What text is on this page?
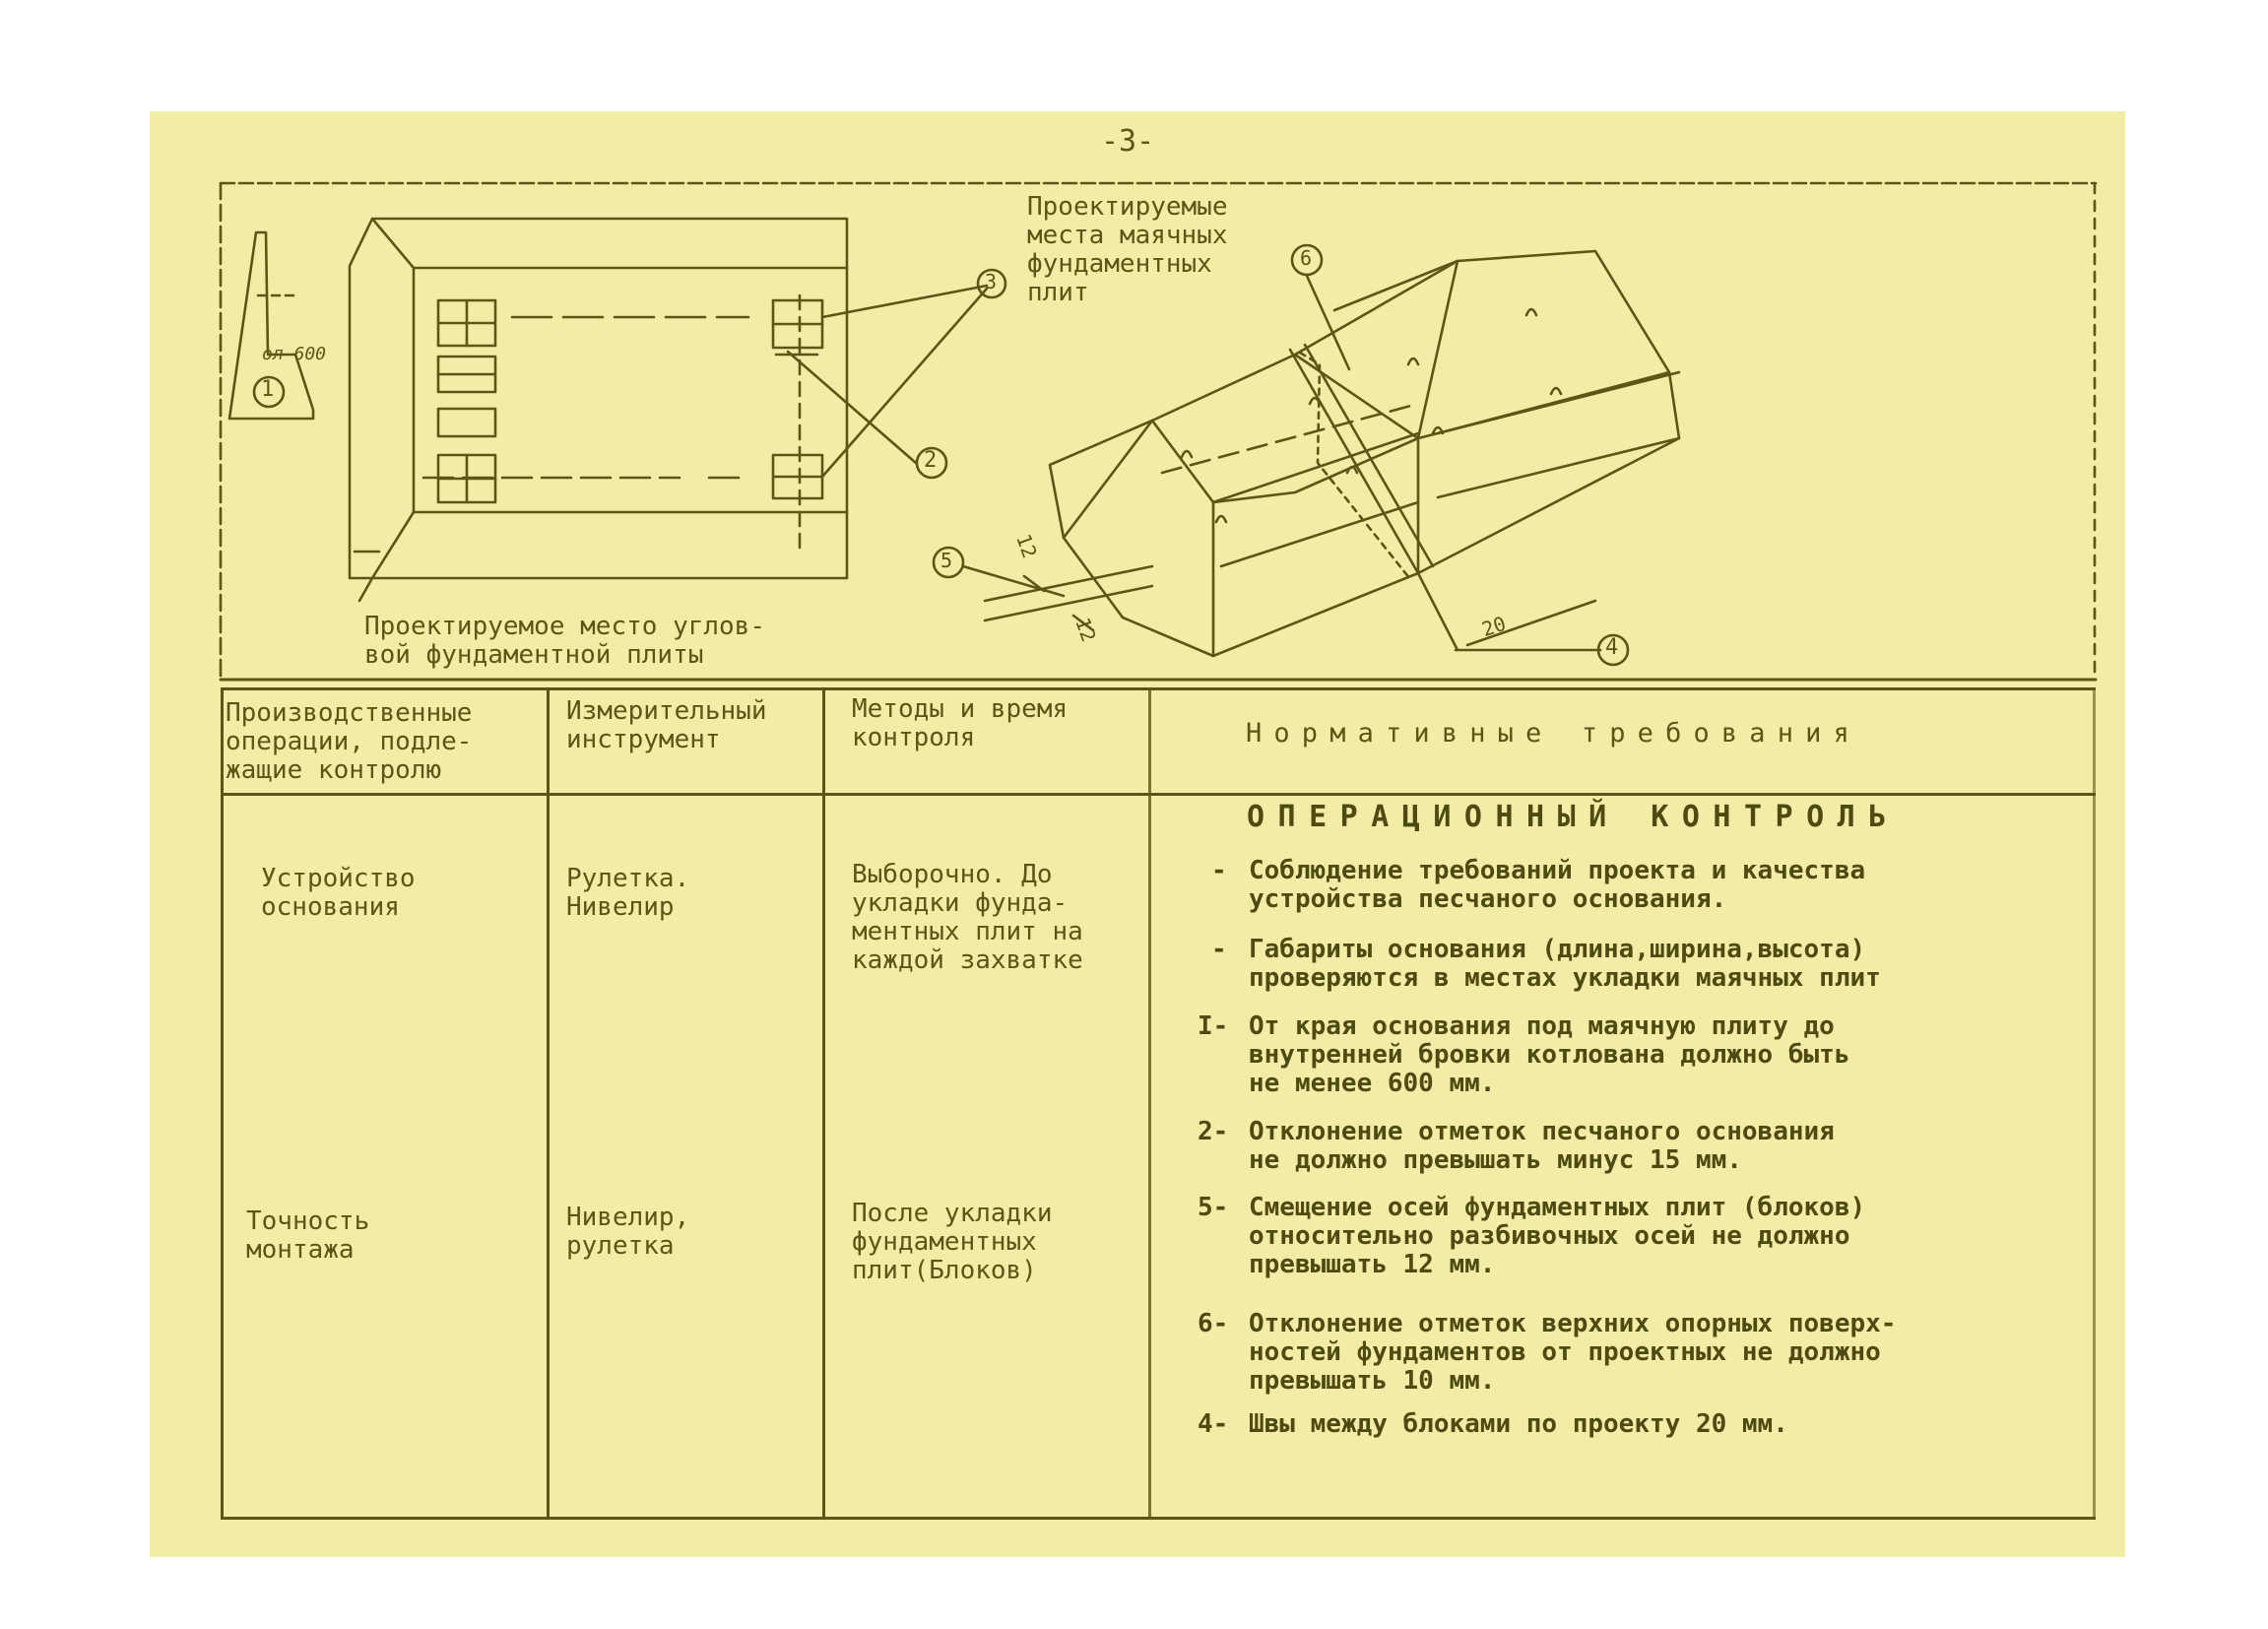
-3-
1
2
3
5
6
4
ол 600
12
12	20
Проектируемые
места маячных
фундаментных
плит
Проектируемое место углов-
вой фундаментной плиты
Производственные
операции, подле-
жащие контролю
Измерительный
инструмент
Методы и время
контроля	Нормативные требования
Устройство
основания
Рулетка.
Нивелир
Выборочно. До
укладки фунда-
ментных плит на
каждой захватке
Точность
монтажа
Нивелир,
рулетка
После укладки
фундаментных
плит(Блоков)
ОПЕРАЦИОННЫЙ КОНТРОЛЬ
- Соблюдение требований проекта и качества
устройства песчаного основания.
- Габариты основания (длина,ширина,высота)
проверяются в местах укладки маячных плит
I- От края основания под маячную плиту до
внутренней бровки котлована должно быть
не менее 600 мм.
2- Отклонение отметок песчаного основания
не должно превышать минус 15 мм.
5- Смещение осей фундаментных плит (блоков)
относительно разбивочных осей не должно
превышать 12 мм.
6- Отклонение отметок верхних опорных поверх-
ностей фундаментов от проектных не должно
превышать 10 мм.
4- Швы между блоками по проекту 20 мм.
